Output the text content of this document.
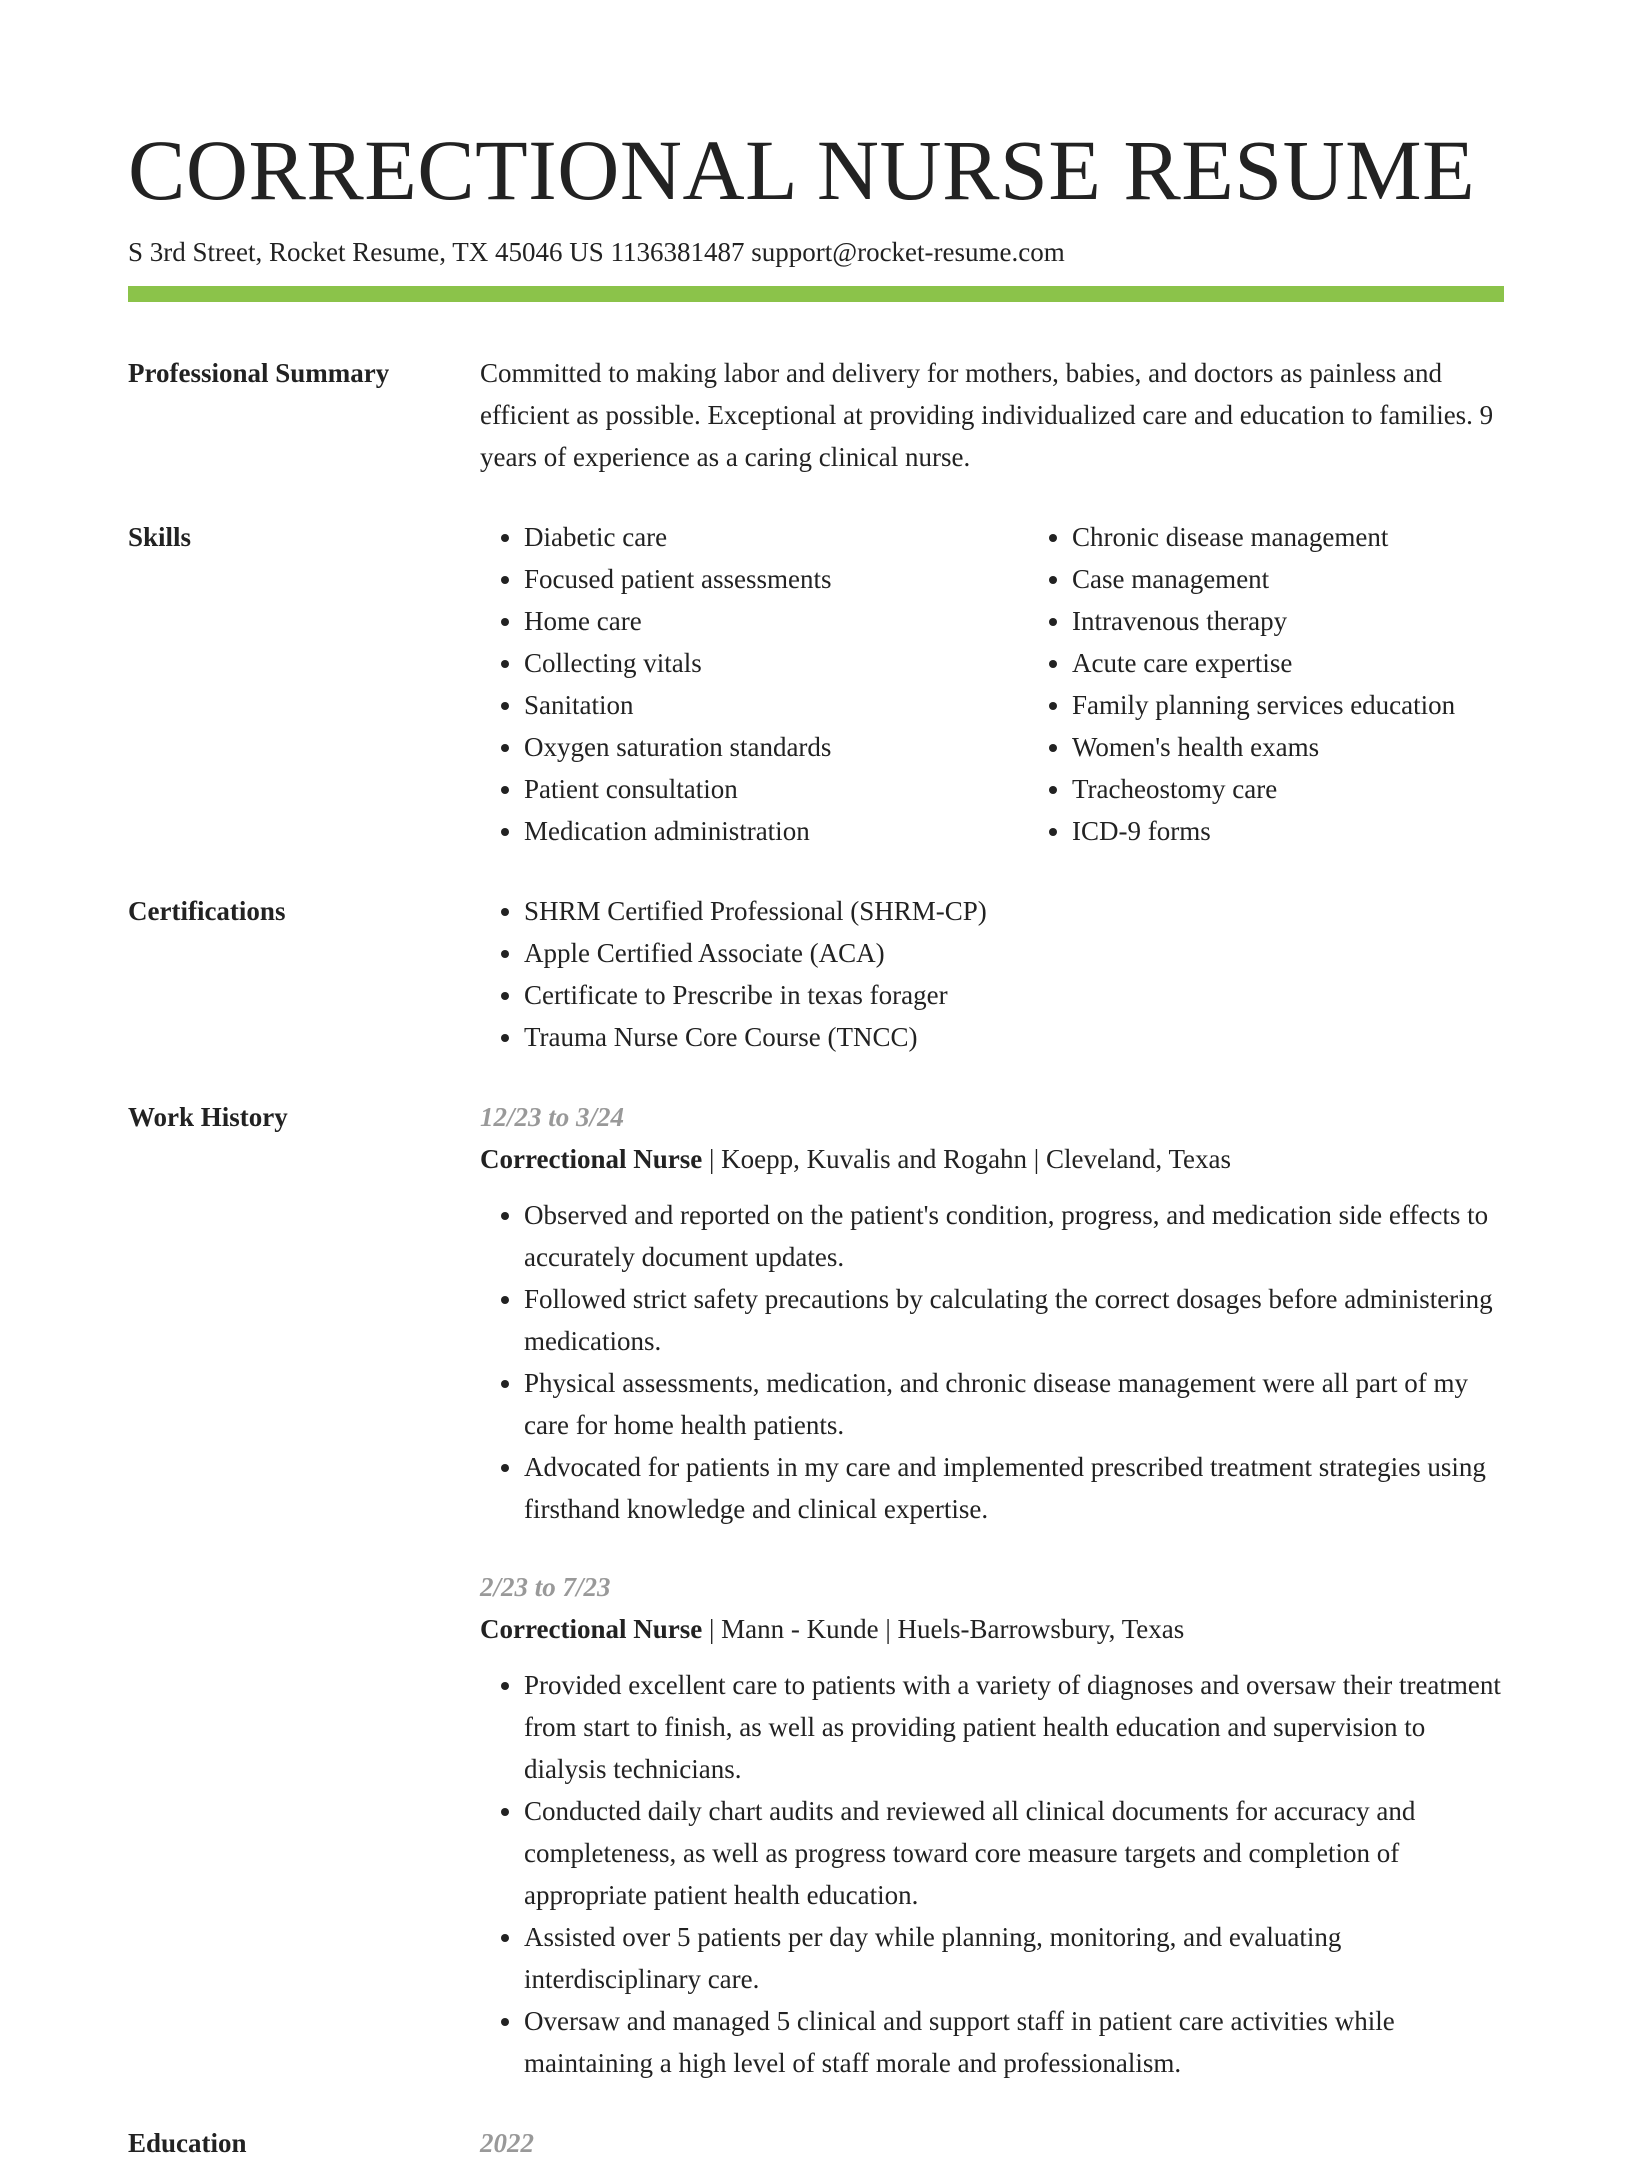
CORRECTIONAL NURSE RESUME
S 3rd Street, Rocket Resume, TX 45046 US 1136381487 support@rocket-resume.com
Professional Summary	Committed to making labor and delivery for mothers, babies, and doctors as painless and efficient as possible. Exceptional at providing individualized care and education to families. 9 years of experience as a caring clinical nurse.

Skills	• Diabetic care
• Focused patient assessments
• Home care
• Collecting vitals
• Sanitation
• Oxygen saturation standards
• Patient consultation
• Medication administration
• Chronic disease management
• Case management
• Intravenous therapy
• Acute care expertise
• Family planning services education
• Women's health exams
• Tracheostomy care
• ICD-9 forms
Certifications	• SHRM Certified Professional (SHRM-CP)
• Apple Certified Associate (ACA)
• Certificate to Prescribe in texas forager
• Trauma Nurse Core Course (TNCC)
Work History	12/23 to 3/24
Correctional Nurse | Koepp, Kuvalis and Rogahn | Cleveland, Texas
• Observed and reported on the patient's condition, progress, and medication side effects to accurately document updates.
• Followed strict safety precautions by calculating the correct dosages before administering medications.
• Physical assessments, medication, and chronic disease management were all part of my care for home health patients.
• Advocated for patients in my care and implemented prescribed treatment strategies using firsthand knowledge and clinical expertise.
2/23 to 7/23
Correctional Nurse | Mann - Kunde | Huels-Barrowsbury, Texas
• Provided excellent care to patients with a variety of diagnoses and oversaw their treatment from start to finish, as well as providing patient health education and supervision to dialysis technicians.
• Conducted daily chart audits and reviewed all clinical documents for accuracy and completeness, as well as progress toward core measure targets and completion of appropriate patient health education.
• Assisted over 5 patients per day while planning, monitoring, and evaluating interdisciplinary care.
• Oversaw and managed 5 clinical and support staff in patient care activities while maintaining a high level of staff morale and professionalism.
Education	2022
